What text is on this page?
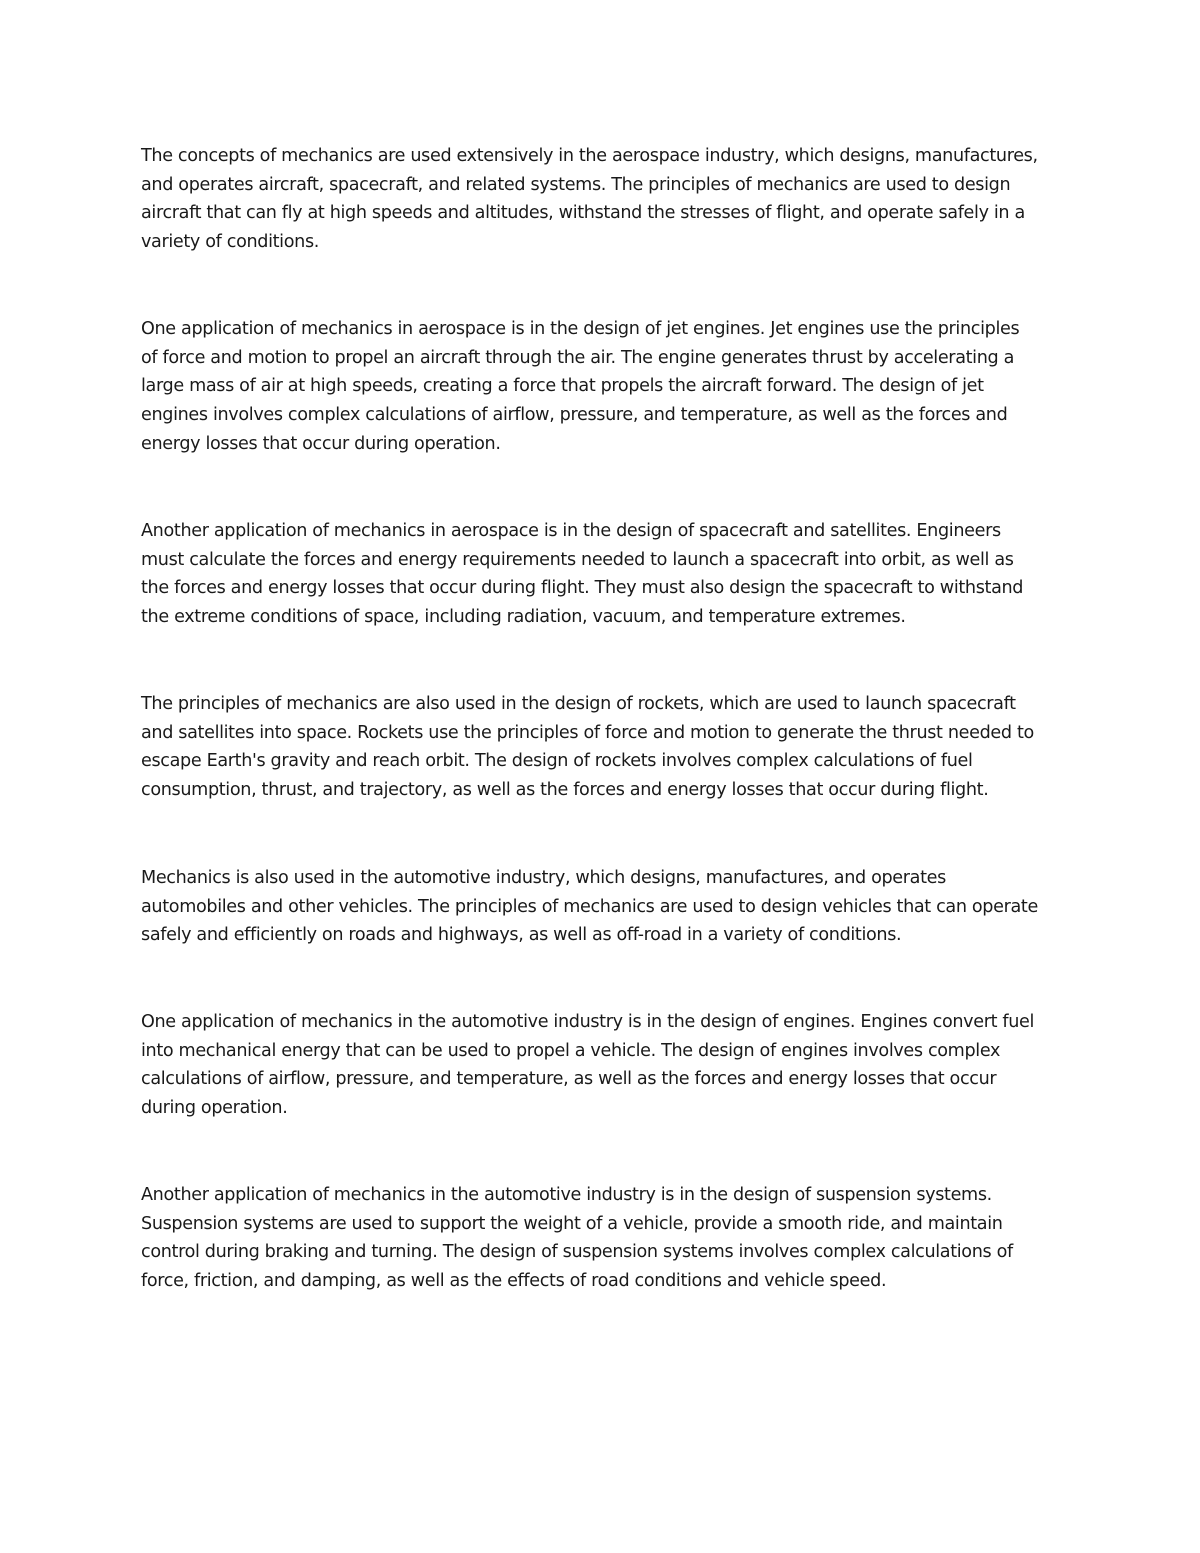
The concepts of mechanics are used extensively in the aerospace industry, which designs, manufactures,
and operates aircraft, spacecraft, and related systems. The principles of mechanics are used to design
aircraft that can fly at high speeds and altitudes, withstand the stresses of flight, and operate safely in a
variety of conditions.

One application of mechanics in aerospace is in the design of jet engines. Jet engines use the principles
of force and motion to propel an aircraft through the air. The engine generates thrust by accelerating a
large mass of air at high speeds, creating a force that propels the aircraft forward. The design of jet
engines involves complex calculations of airflow, pressure, and temperature, as well as the forces and
energy losses that occur during operation.

Another application of mechanics in aerospace is in the design of spacecraft and satellites. Engineers
must calculate the forces and energy requirements needed to launch a spacecraft into orbit, as well as
the forces and energy losses that occur during flight. They must also design the spacecraft to withstand
the extreme conditions of space, including radiation, vacuum, and temperature extremes.

The principles of mechanics are also used in the design of rockets, which are used to launch spacecraft
and satellites into space. Rockets use the principles of force and motion to generate the thrust needed to
escape Earth's gravity and reach orbit. The design of rockets involves complex calculations of fuel
consumption, thrust, and trajectory, as well as the forces and energy losses that occur during flight.

Mechanics is also used in the automotive industry, which designs, manufactures, and operates
automobiles and other vehicles. The principles of mechanics are used to design vehicles that can operate
safely and efficiently on roads and highways, as well as off-road in a variety of conditions.

One application of mechanics in the automotive industry is in the design of engines. Engines convert fuel
into mechanical energy that can be used to propel a vehicle. The design of engines involves complex
calculations of airflow, pressure, and temperature, as well as the forces and energy losses that occur
during operation.

Another application of mechanics in the automotive industry is in the design of suspension systems.
Suspension systems are used to support the weight of a vehicle, provide a smooth ride, and maintain
control during braking and turning. The design of suspension systems involves complex calculations of
force, friction, and damping, as well as the effects of road conditions and vehicle speed.
